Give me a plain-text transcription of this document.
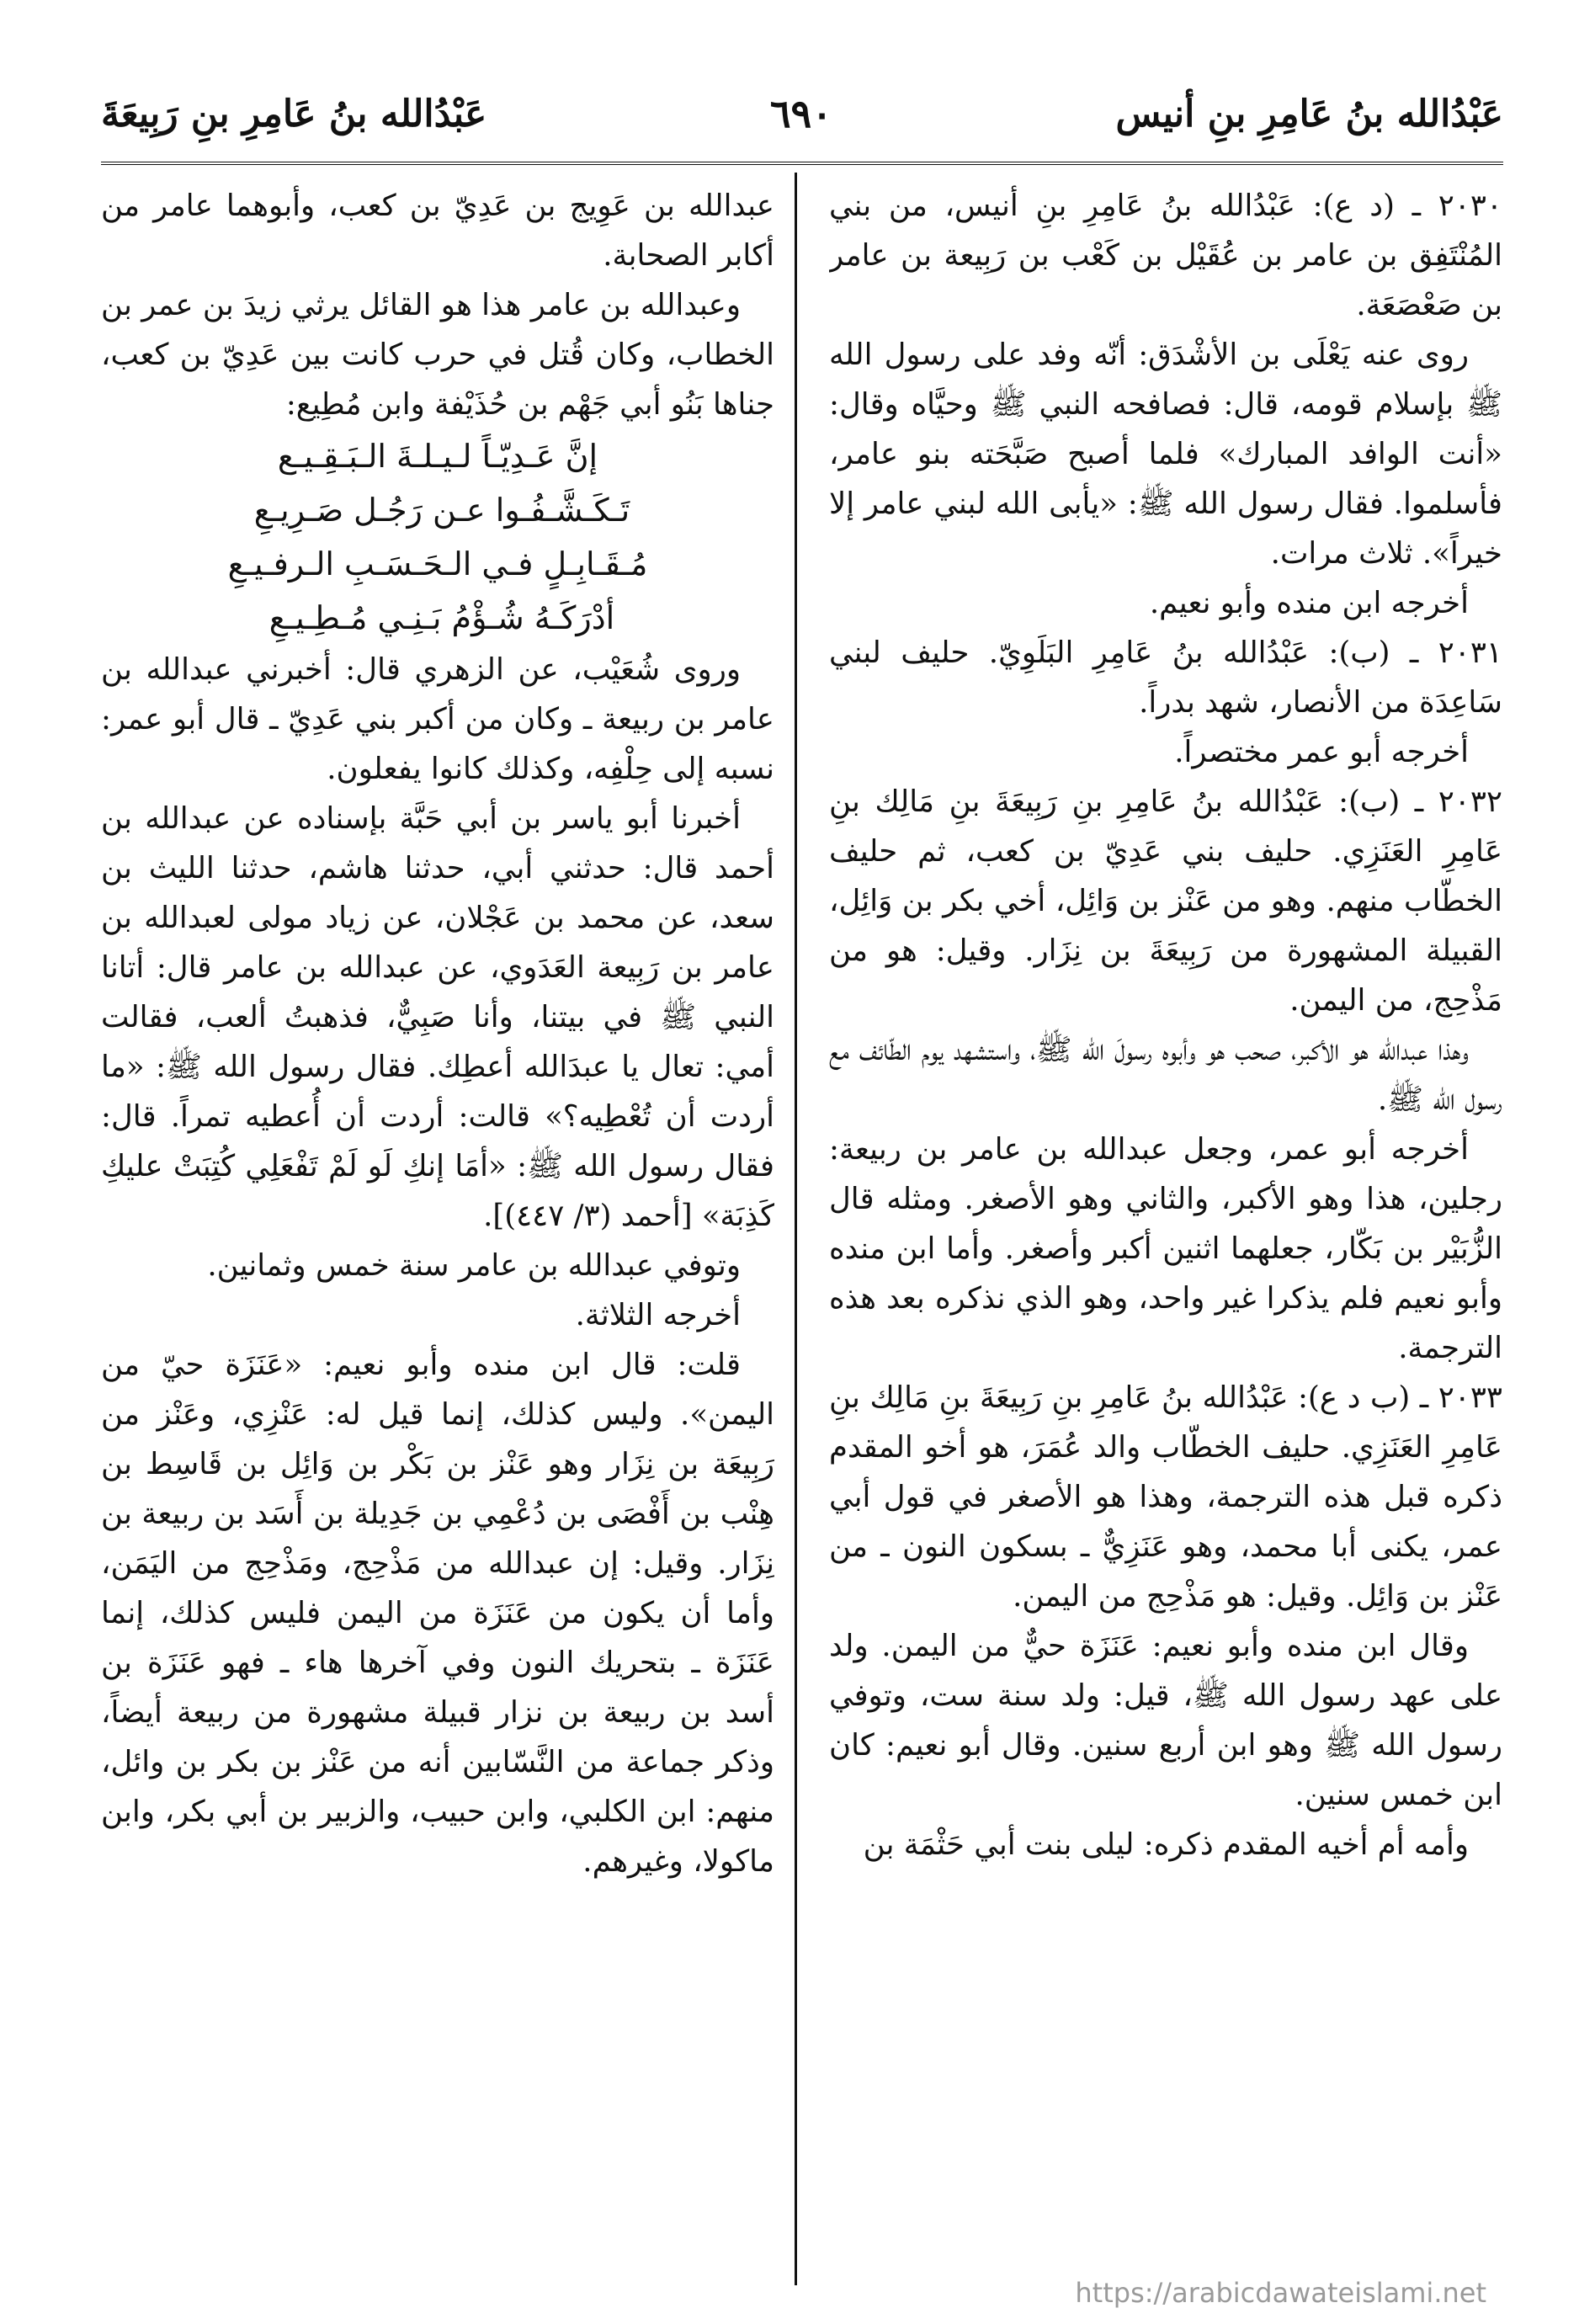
عَبْدُالله بنُ عَامِرِ بنِ أنيس
٦٩٠
عَبْدُالله بنُ عَامِرِ بنِ رَبِيعَةَ

٢٠٣٠ ـ (د ع): عَبْدُالله بنُ عَامِرِ بنِ أنيس، من بني المُنْتَفِق بن عامر بن عُقَيْل بن كَعْب بن رَبِيعة بن عامر بن صَعْصَعَة.

روى عنه يَعْلَى بن الأشْدَق: أنّه وفد على رسول الله ﷺ بإسلام قومه، قال: فصافحه النبي ﷺ وحيَّاه وقال: «أنت الوافد المبارك» فلما أصبح صَبَّحَته بنو عامر، فأسلموا. فقال رسول الله ﷺ: «يأبى الله لبني عامر إلا خيراً». ثلاث مرات.

أخرجه ابن منده وأبو نعيم.

٢٠٣١ ـ (ب): عَبْدُالله بنُ عَامِرِ البَلَوِيّ. حليف لبني سَاعِدَة من الأنصار، شهد بدراً.

أخرجه أبو عمر مختصراً.

٢٠٣٢ ـ (ب): عَبْدُالله بنُ عَامِرِ بنِ رَبِيعَةَ بنِ مَالِك بنِ عَامِرِ العَنَزِي. حليف بني عَدِيّ بن كعب، ثم حليف الخطّاب منهم. وهو من عَنْز بن وَائِل، أخي بكر بن وَائِل، القبيلة المشهورة من رَبِيعَةَ بن نِزَار. وقيل: هو من مَذْحِج، من اليمن.

وهذا عبدالله هو الأكبر، صحب هو وأبوه رسولَ الله ﷺ، واستشهد يوم الطّائف مع رسول الله ﷺ.

أخرجه أبو عمر، وجعل عبدالله بن عامر بن ربيعة: رجلين، هذا وهو الأكبر، والثاني وهو الأصغر. ومثله قال الزُّبَيْر بن بَكّار، جعلهما اثنين أكبر وأصغر. وأما ابن منده وأبو نعيم فلم يذكرا غير واحد، وهو الذي نذكره بعد هذه الترجمة.

٢٠٣٣ ـ (ب د ع): عَبْدُالله بنُ عَامِرِ بنِ رَبِيعَةَ بنِ مَالِك بنِ عَامِرِ العَنَزِي. حليف الخطّاب والد عُمَرَ، هو أخو المقدم ذكره قبل هذه الترجمة، وهذا هو الأصغر في قول أبي عمر، يكنى أبا محمد، وهو عَنَزِيٌّ ـ بسكون النون ـ من عَنْز بن وَائِل. وقيل: هو مَذْحِج من اليمن.

وقال ابن منده وأبو نعيم: عَنَزَة حيٌّ من اليمن. ولد على عهد رسول الله ﷺ، قيل: ولد سنة ست، وتوفي رسول الله ﷺ وهو ابن أربع سنين. وقال أبو نعيم: كان ابن خمس سنين.

وأمه أم أخيه المقدم ذكره: ليلى بنت أبي حَثْمَة بن

عبدالله بن عَوِيج بن عَدِيّ بن كعب، وأبوهما عامر من أكابر الصحابة.

وعبدالله بن عامر هذا هو القائل يرثي زيدَ بن عمر بن الخطاب، وكان قُتل في حرب كانت بين عَدِيّ بن كعب، جناها بَنُو أبي جَهْم بن حُذَيْفة وابن مُطِيع:

إنَّ عَـدِيّـاً لـيـلـةَ الـبَـقِـيـع

تَـكَـشَّـفُـوا عـن رَجُـل صَـرِيـعِ

مُـقَـابِـلٍ فـي الـحَـسَـبِ الـرفـيـعِ

أدْرَكَـهُ شُـؤْمُ بَـنِـي مُـطِـيـعِ

وروى شُعَيْب، عن الزهري قال: أخبرني عبدالله بن عامر بن ربيعة ـ وكان من أكبر بني عَدِيّ ـ قال أبو عمر: نسبه إلى حِلْفِه، وكذلك كانوا يفعلون.

أخبرنا أبو ياسر بن أبي حَبَّة بإسناده عن عبدالله بن أحمد قال: حدثني أبي، حدثنا هاشم، حدثنا الليث بن سعد، عن محمد بن عَجْلان، عن زياد مولى لعبدالله بن عامر بن رَبِيعة العَدَوي، عن عبدالله بن عامر قال: أتانا النبي ﷺ في بيتنا، وأنا صَبِيٌّ، فذهبتُ ألعب، فقالت أمي: تعال يا عبدَالله أعطِك. فقال رسول الله ﷺ: «ما أردت أن تُعْطِيه؟» قالت: أردت أن أُعطيه تمراً. قال: فقال رسول الله ﷺ: «أمَا إنكِ لَو لَمْ تَفْعَلِي كُتِبَتْ عليكِ كَذِبَة» [أحمد (٣/ ٤٤٧)].

وتوفي عبدالله بن عامر سنة خمس وثمانين.

أخرجه الثلاثة.

قلت: قال ابن منده وأبو نعيم: «عَنَزَة حيّ من اليمن». وليس كذلك، إنما قيل له: عَنْزِي، وعَنْز من رَبِيعَة بن نِزَار وهو عَنْز بن بَكْر بن وَائِل بن قَاسِط بن هِنْب بن أَفْصَى بن دُعْمِي بن جَدِيلة بن أَسَد بن ربيعة بن نِزَار. وقيل: إن عبدالله من مَذْحِج، ومَذْحِج من اليَمَن، وأما أن يكون من عَنَزَة من اليمن فليس كذلك، إنما عَنَزَة ـ بتحريك النون وفي آخرها هاء ـ فهو عَنَزَة بن أسد بن ربيعة بن نزار قبيلة مشهورة من ربيعة أيضاً، وذكر جماعة من النَّسّابين أنه من عَنْز بن بكر بن وائل، منهم: ابن الكلبي، وابن حبيب، والزبير بن أبي بكر، وابن ماكولا، وغيرهم.

https://arabicdawateislami.net
